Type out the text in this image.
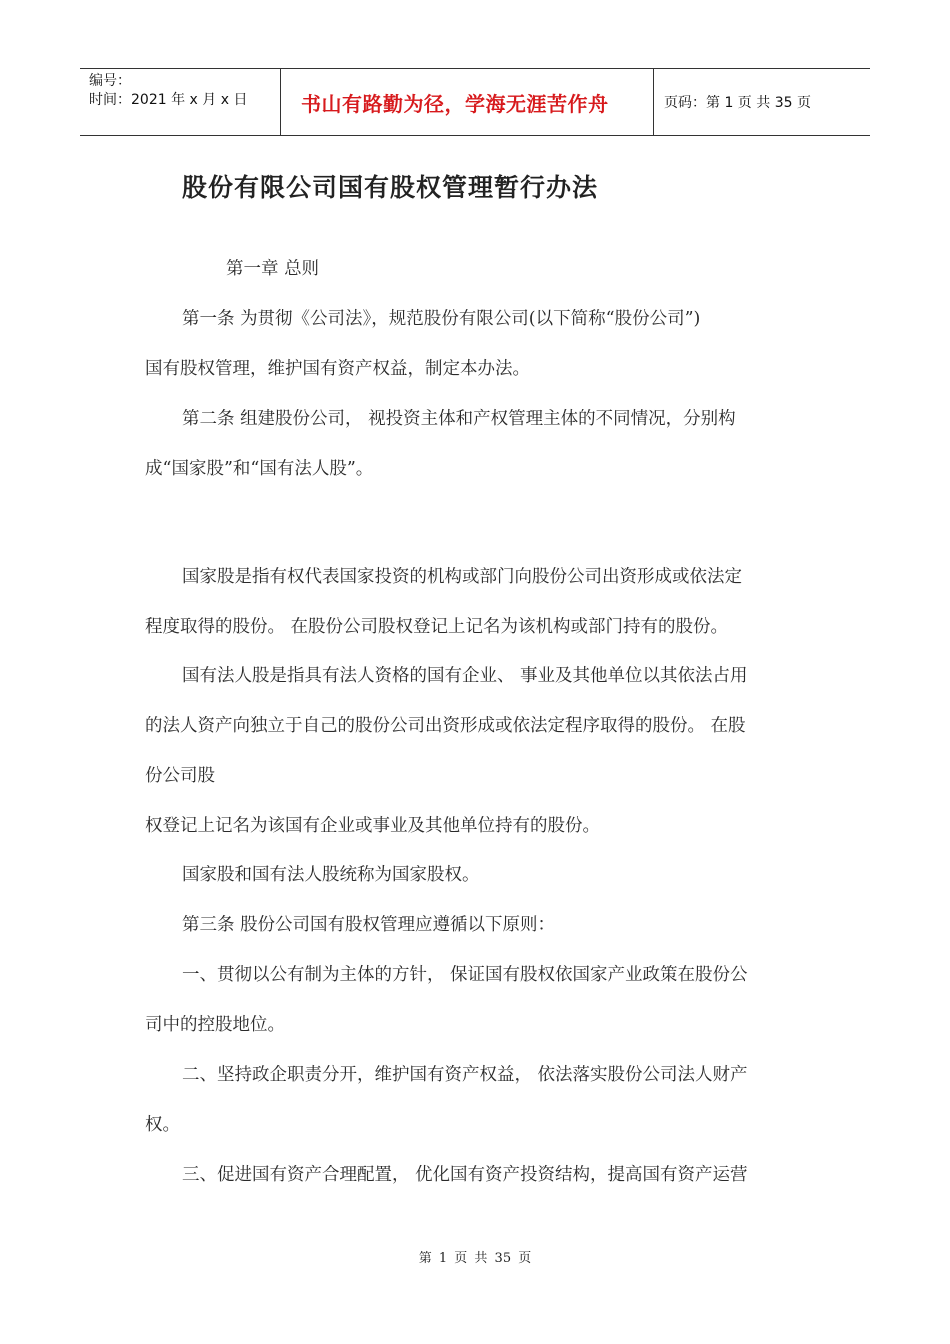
编号：
时间：2021 年 x 月 x 日	书山有路勤为径，学海无涯苦作舟	页码：第 1 页 共 35 页
股份有限公司国有股权管理暂行办法
第一章 总则
第一条 为贯彻《公司法》，规范股份有限公司(以下简称“股份公司”)
国有股权管理，维护国有资产权益，制定本办法。
第二条 组建股份公司， 视投资主体和产权管理主体的不同情况，分别构
成“国家股”和“国有法人股”。
国家股是指有权代表国家投资的机构或部门向股份公司出资形成或依法定
程度取得的股份。 在股份公司股权登记上记名为该机构或部门持有的股份。
国有法人股是指具有法人资格的国有企业、 事业及其他单位以其依法占用
的法人资产向独立于自己的股份公司出资形成或依法定程序取得的股份。 在股
份公司股
权登记上记名为该国有企业或事业及其他单位持有的股份。
国家股和国有法人股统称为国家股权。
第三条 股份公司国有股权管理应遵循以下原则：
一、贯彻以公有制为主体的方针， 保证国有股权依国家产业政策在股份公
司中的控股地位。
二、坚持政企职责分开，维护国有资产权益， 依法落实股份公司法人财产
权。
三、促进国有资产合理配置， 优化国有资产投资结构，提高国有资产运营
第 1 页 共 35 页
